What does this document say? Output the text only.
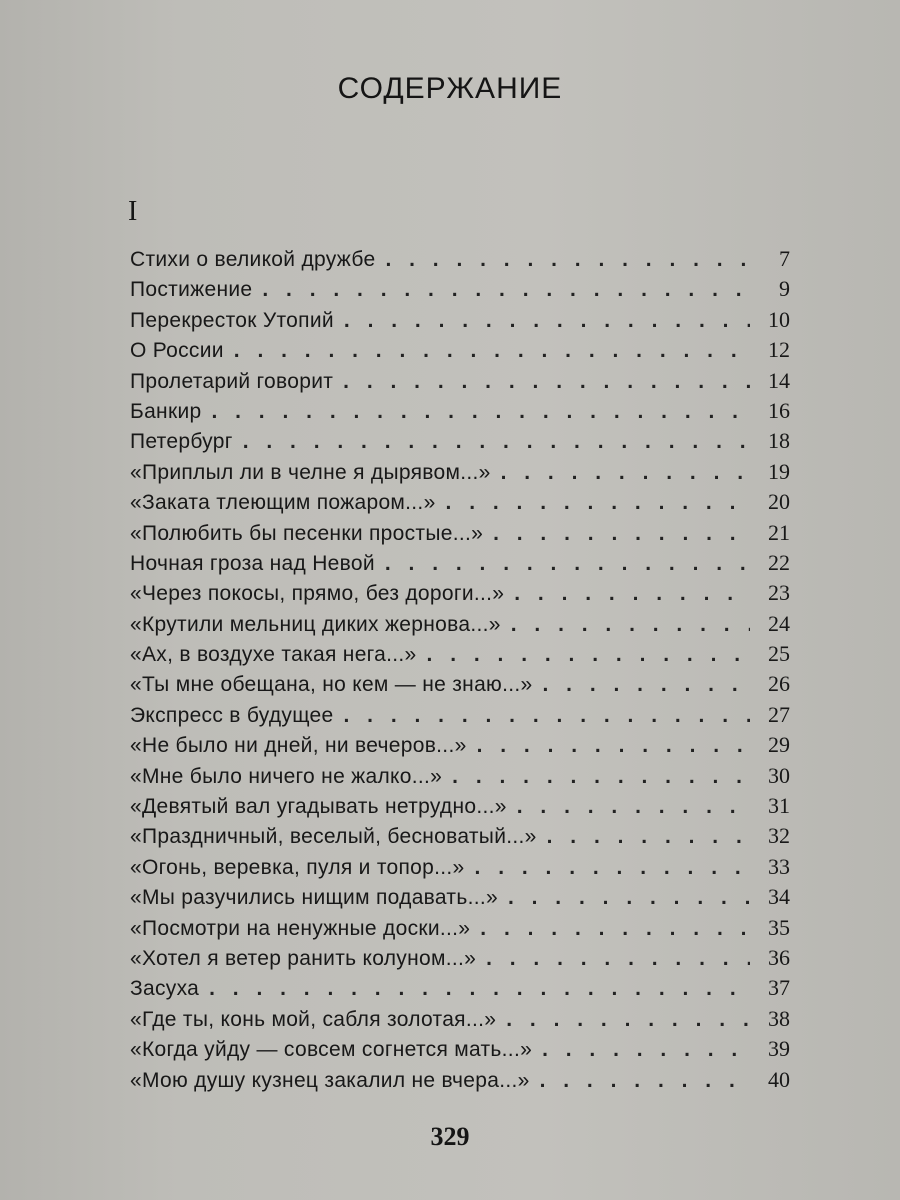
СОДЕРЖАНИЕ
I
Стихи о великой дружбе . . .	7
Постижение . . .	9
Перекресток Утопий . . .	10
О России . . .	12
Пролетарий говорит . . .	14
Банкир . . .	16
Петербург . . .	18
«Приплыл ли в челне я дырявом...» . . .	19
«Заката тлеющим пожаром...» . . .	20
«Полюбить бы песенки простые...» . . .	21
Ночная гроза над Невой . . .	22
«Через покосы, прямо, без дороги...» . . .	23
«Крутили мельниц диких жернова...» . . .	24
«Ах, в воздухе такая нега...» . . .	25
«Ты мне обещана, но кем — не знаю...» . . .	26
Экспресс в будущее . . .	27
«Не было ни дней, ни вечеров...» . . .	29
«Мне было ничего не жалко...» . . .	30
«Девятый вал угадывать нетрудно...» . . .	31
«Праздничный, веселый, бесноватый...» . . .	32
«Огонь, веревка, пуля и топор...» . . .	33
«Мы разучились нищим подавать...» . . .	34
«Посмотри на ненужные доски...» . . .	35
«Хотел я ветер ранить колуном...» . . .	36
Засуха . . .	37
«Где ты, конь мой, сабля золотая...» . . .	38
«Когда уйду — совсем согнется мать...» . . .	39
«Мою душу кузнец закалил не вчера...» . . .	40
329
